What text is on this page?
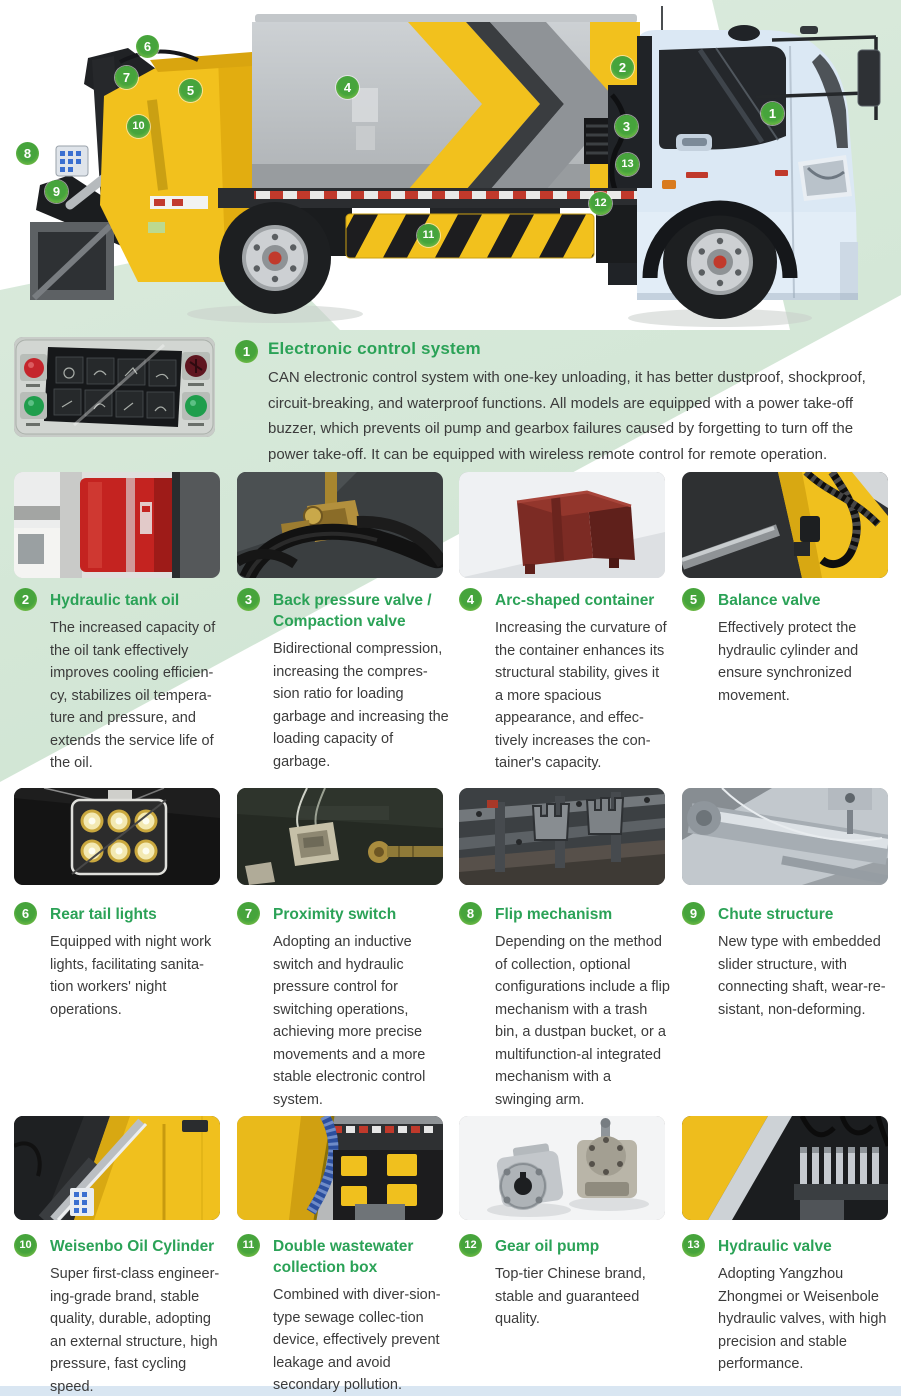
1
2
3
4
5
6
7
8
9
10
11
12
13
1	Electronic control system
CAN electronic control system with one-key unloading, it has better dustproof, shockproof, circuit-breaking, and waterproof functions. All models are equipped with a power take-off buzzer, which prevents oil pump and gearbox failures caused by forgetting to turn off the power take-off. It can be equipped with wireless remote control for remote operation.
2	Hydraulic tank oil
The increased capacity of the oil tank effectively improves cooling efficien-cy, stabilizes oil tempera-ture and pressure, and extends the service life of the oil.
3	Back pressure valve / Compaction valve
Bidirectional compression, increasing the compres-sion ratio for loading garbage and increasing the loading capacity of garbage.
4	Arc-shaped container
Increasing the curvature of the container enhances its structural stability, gives it a more spacious appearance, and effec-tively increases the con-tainer's capacity.
5	Balance valve
Effectively protect the hydraulic cylinder and ensure synchronized movement.
6	Rear tail lights
Equipped with night work lights, facilitating sanita-tion workers' night operations.
7	Proximity switch
Adopting an inductive switch and hydraulic pressure control for switching operations, achieving more precise movements and a more stable electronic control system.
8	Flip mechanism
Depending on the method of collection, optional configurations include a flip mechanism with a trash bin, a dustpan bucket, or a multifunction-al integrated mechanism with a swinging arm.
9	Chute structure
New type with embedded slider structure, with connecting shaft, wear-re-sistant, non-deforming.
10	Weisenbo Oil Cylinder
Super first-class engineer-ing-grade brand, stable quality, durable, adopting an external structure, high pressure, fast cycling speed.
11	Double wastewater collection box
Combined with diver-sion-type sewage collec-tion device, effectively prevent leakage and avoid secondary pollution.
12	Gear oil pump
Top-tier Chinese brand, stable and guaranteed quality.
13	Hydraulic valve
Adopting Yangzhou Zhongmei or Weisenbole hydraulic valves, with high precision and stable performance.
